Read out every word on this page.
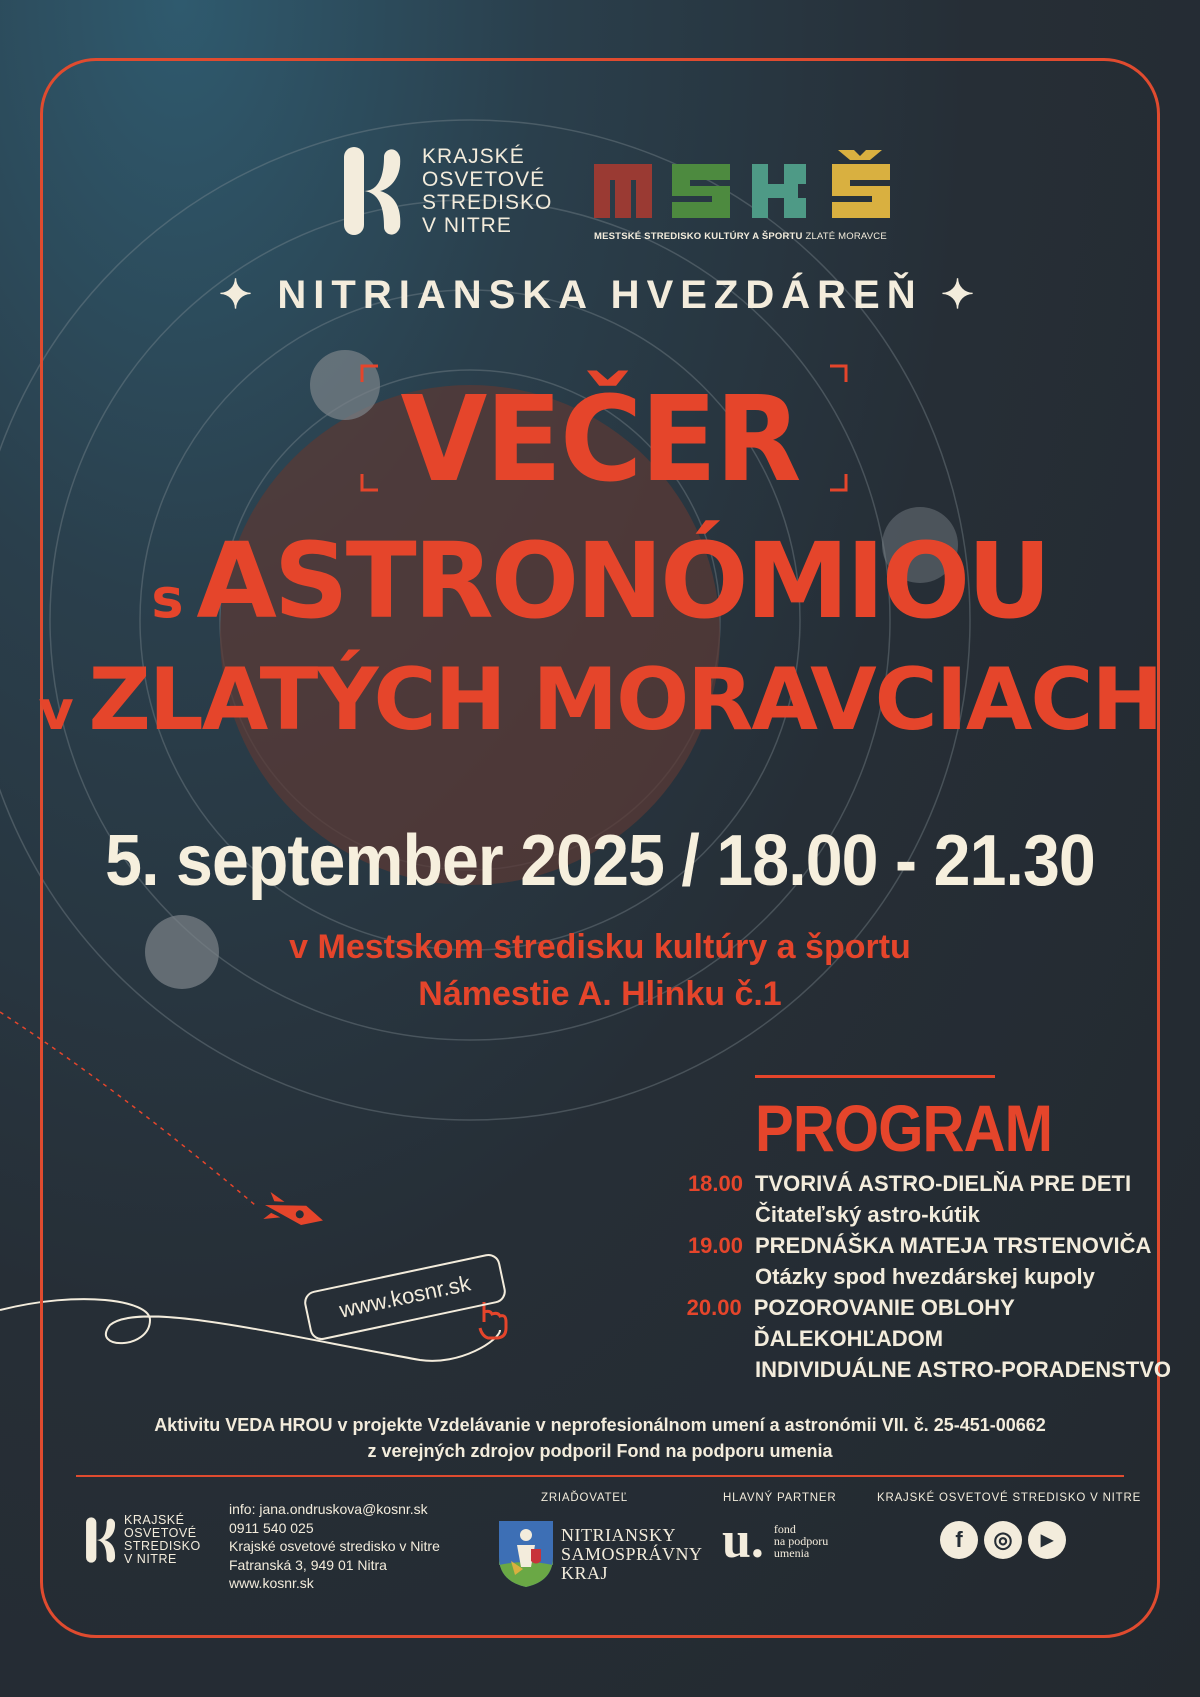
KRAJSKÉ
OSVETOVÉ
STREDISKO
V NITRE	MESTSKÉ STREDISKO KULTÚRY A ŠPORTU ZLATÉ MORAVCE
✦ NITRIANSKA HVEZDÁREŇ ✦
VEČER
s ASTRONÓMIOU
v ZLATÝCH MORAVCIACH
5. september 2025 / 18.00 - 21.30
v Mestskom stredisku kultúry a športu
Námestie A. Hlinku č.1
PROGRAM
18.00 TVORIVÁ ASTRO-DIELŇA PRE DETI
Čitateľský astro-kútik
19.00 PREDNÁŠKA MATEJA TRSTENOVIČA
Otázky spod hvezdárskej kupoly
20.00 POZOROVANIE OBLOHY ĎALEKOHĽADOM
INDIVIDUÁLNE ASTRO-PORADENSTVO
www.kosnr.sk
Aktivitu VEDA HROU v projekte Vzdelávanie v neprofesionálnom umení a astronómii VII. č. 25-451-00662
z verejných zdrojov podporil Fond na podporu umenia
KRAJSKÉ
OSVETOVÉ
STREDISKO
V NITRE
info: jana.ondruskova@kosnr.sk
0911 540 025
Krajské osvetové stredisko v Nitre
Fatranská 3, 949 01 Nitra
www.kosnr.sk
ZRIAĎOVATEĽ
NITRIANSKY
SAMOSPRÁVNY
KRAJ
HLAVNÝ PARTNER
u. fond
na podporu
umenia
KRAJSKÉ OSVETOVÉ STREDISKO V NITRE
f	◎	▶
